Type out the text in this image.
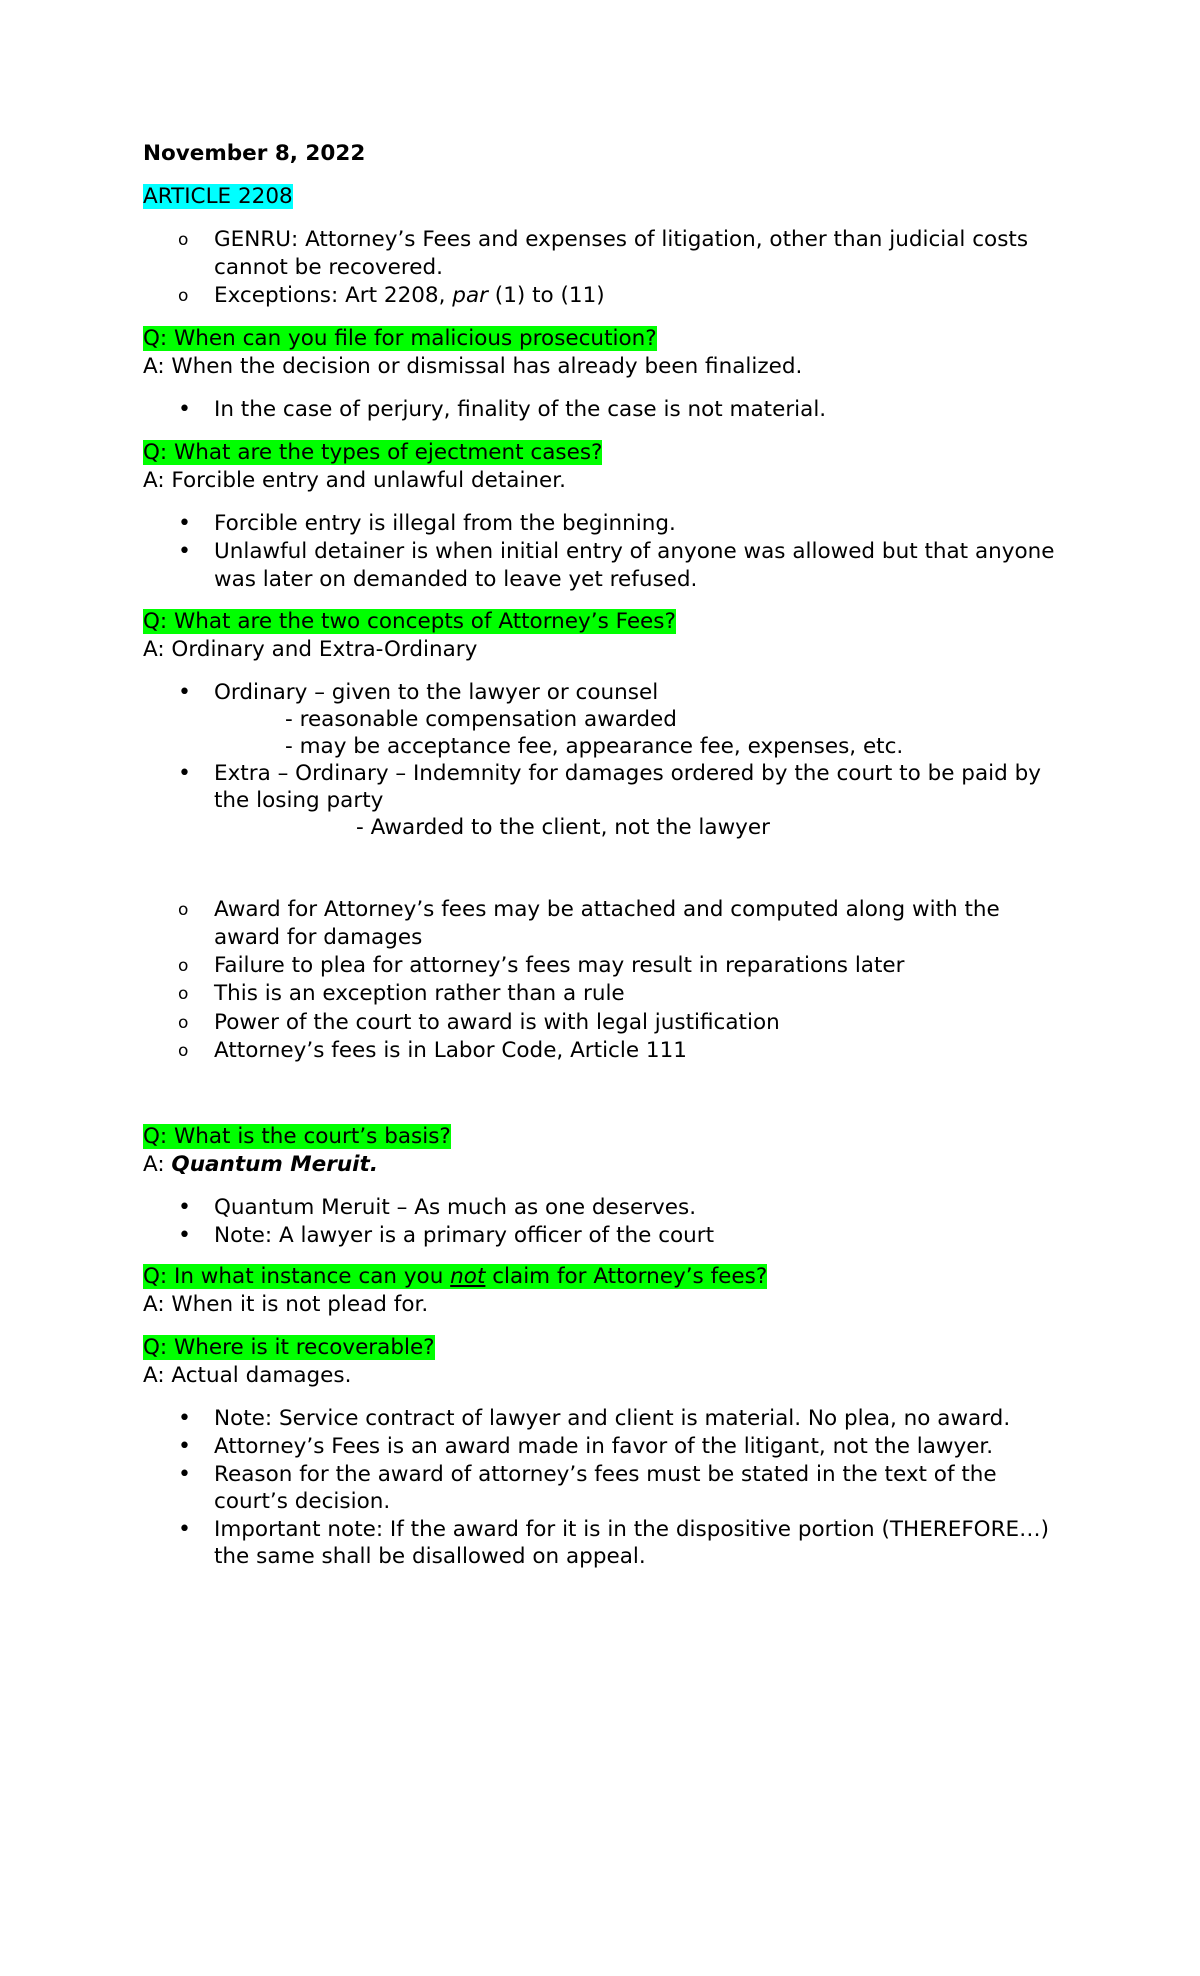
November 8, 2022
ARTICLE 2208
o GENRU: Attorney’s Fees and expenses of litigation, other than judicial costs
cannot be recovered.
o Exceptions: Art 2208, par (1) to (11)
Q: When can you file for malicious prosecution?
A: When the decision or dismissal has already been finalized.
• In the case of perjury, finality of the case is not material.
Q: What are the types of ejectment cases?
A: Forcible entry and unlawful detainer.
• Forcible entry is illegal from the beginning.
• Unlawful detainer is when initial entry of anyone was allowed but that anyone
was later on demanded to leave yet refused.
Q: What are the two concepts of Attorney’s Fees?
A: Ordinary and Extra-Ordinary
• Ordinary – given to the lawyer or counsel
- reasonable compensation awarded
- may be acceptance fee, appearance fee, expenses, etc.
• Extra – Ordinary – Indemnity for damages ordered by the court to be paid by
the losing party
- Awarded to the client, not the lawyer
o Award for Attorney’s fees may be attached and computed along with the
award for damages
o Failure to plea for attorney’s fees may result in reparations later
o This is an exception rather than a rule
o Power of the court to award is with legal justification
o Attorney’s fees is in Labor Code, Article 111
Q: What is the court’s basis?
A: Quantum Meruit.
• Quantum Meruit – As much as one deserves.
• Note: A lawyer is a primary officer of the court
Q: In what instance can you not claim for Attorney’s fees?
A: When it is not plead for.
Q: Where is it recoverable?
A: Actual damages.
• Note: Service contract of lawyer and client is material. No plea, no award.
• Attorney’s Fees is an award made in favor of the litigant, not the lawyer.
• Reason for the award of attorney’s fees must be stated in the text of the
court’s decision.
• Important note: If the award for it is in the dispositive portion (THEREFORE…)
the same shall be disallowed on appeal.
